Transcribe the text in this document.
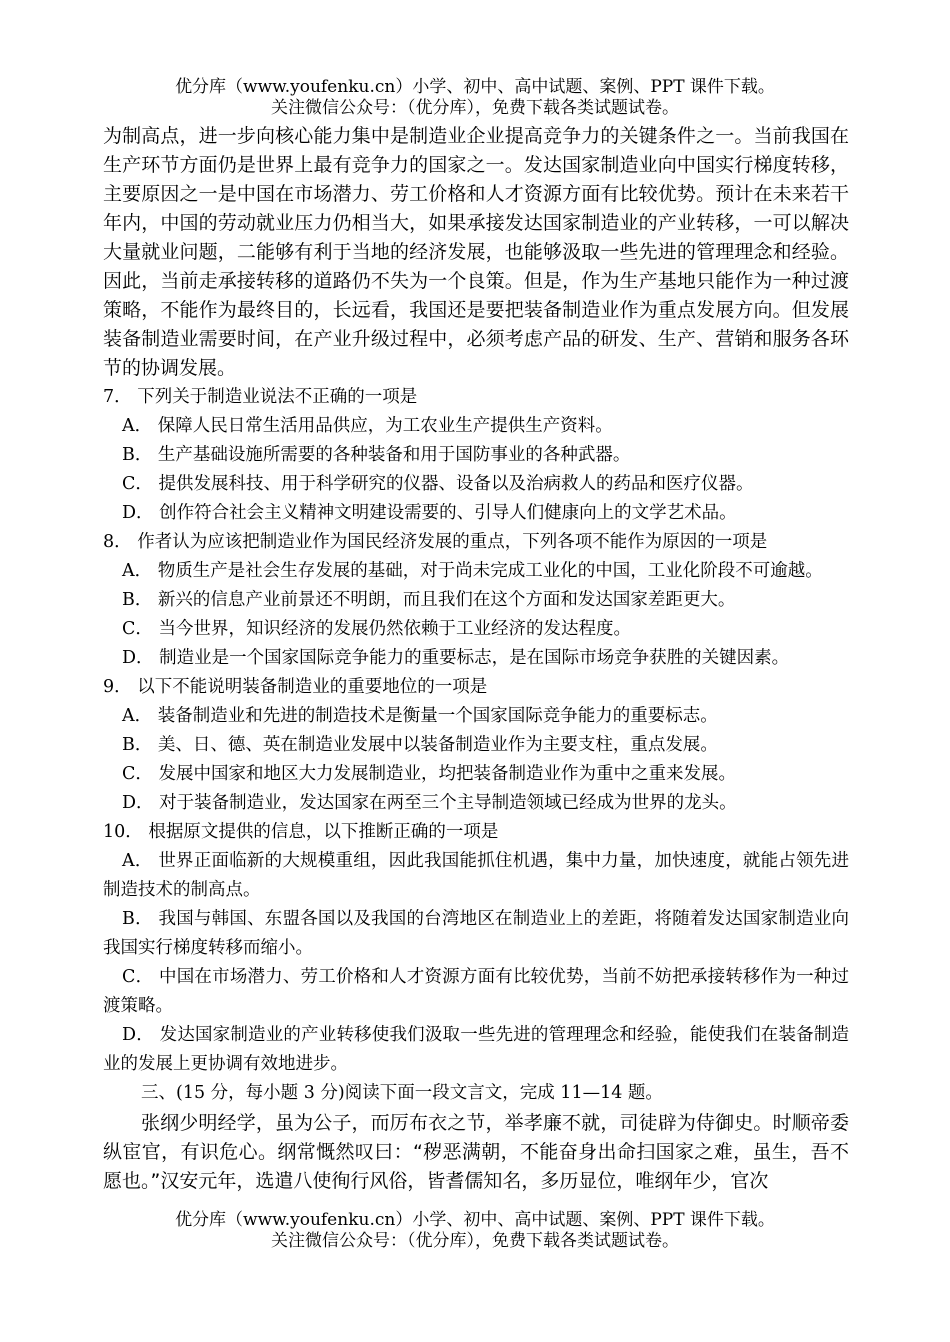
优分库（www.youfenku.cn）小学、初中、高中试题、案例、PPT 课件下载。
关注微信公众号：（优分库），免费下载各类试题试卷。

为制高点，进一步向核心能力集中是制造业企业提高竞争力的关键条件之一。当前我国在生产环节方面仍是世界上最有竞争力的国家之一。发达国家制造业向中国实行梯度转移，主要原因之一是中国在市场潜力、劳工价格和人才资源方面有比较优势。预计在未来若干年内，中国的劳动就业压力仍相当大，如果承接发达国家制造业的产业转移，一可以解决大量就业问题，二能够有利于当地的经济发展，也能够汲取一些先进的管理理念和经验。因此，当前走承接转移的道路仍不失为一个良策。但是，作为生产基地只能作为一种过渡策略，不能作为最终目的，长远看，我国还是要把装备制造业作为重点发展方向。但发展装备制造业需要时间，在产业升级过程中，必须考虑产品的研发、生产、营销和服务各环节的协调发展。

7． 下列关于制造业说法不正确的一项是

A． 保障人民日常生活用品供应，为工农业生产提供生产资料。

B． 生产基础设施所需要的各种装备和用于国防事业的各种武器。

C． 提供发展科技、用于科学研究的仪器、设备以及治病救人的药品和医疗仪器。

D． 创作符合社会主义精神文明建设需要的、引导人们健康向上的文学艺术品。

8． 作者认为应该把制造业作为国民经济发展的重点，下列各项不能作为原因的一项是

A． 物质生产是社会生存发展的基础，对于尚未完成工业化的中国，工业化阶段不可逾越。

B． 新兴的信息产业前景还不明朗，而且我们在这个方面和发达国家差距更大。

C． 当今世界，知识经济的发展仍然依赖于工业经济的发达程度。

D． 制造业是一个国家国际竞争能力的重要标志，是在国际市场竞争获胜的关键因素。

9． 以下不能说明装备制造业的重要地位的一项是

A． 装备制造业和先进的制造技术是衡量一个国家国际竞争能力的重要标志。

B． 美、日、德、英在制造业发展中以装备制造业作为主要支柱，重点发展。

C． 发展中国家和地区大力发展制造业，均把装备制造业作为重中之重来发展。

D． 对于装备制造业，发达国家在两至三个主导制造领域已经成为世界的龙头。

10． 根据原文提供的信息，以下推断正确的一项是

A． 世界正面临新的大规模重组，因此我国能抓住机遇，集中力量，加快速度，就能占领先进制造技术的制高点。

B． 我国与韩国、东盟各国以及我国的台湾地区在制造业上的差距，将随着发达国家制造业向我国实行梯度转移而缩小。

C． 中国在市场潜力、劳工价格和人才资源方面有比较优势，当前不妨把承接转移作为一种过渡策略。

D． 发达国家制造业的产业转移使我们汲取一些先进的管理理念和经验，能使我们在装备制造业的发展上更协调有效地进步。

三、(15 分，每小题 3 分)阅读下面一段文言文，完成 11—14 题。

张纲少明经学，虽为公子，而厉布衣之节，举孝廉不就，司徒辟为侍御史。时顺帝委纵宦官，有识危心。纲常慨然叹曰：“秽恶满朝，不能奋身出命扫国家之难，虽生，吾不愿也。”汉安元年，选遣八使徇行风俗，皆耆儒知名，多历显位，唯纲年少，官次

优分库（www.youfenku.cn）小学、初中、高中试题、案例、PPT 课件下载。
关注微信公众号：（优分库），免费下载各类试题试卷。
